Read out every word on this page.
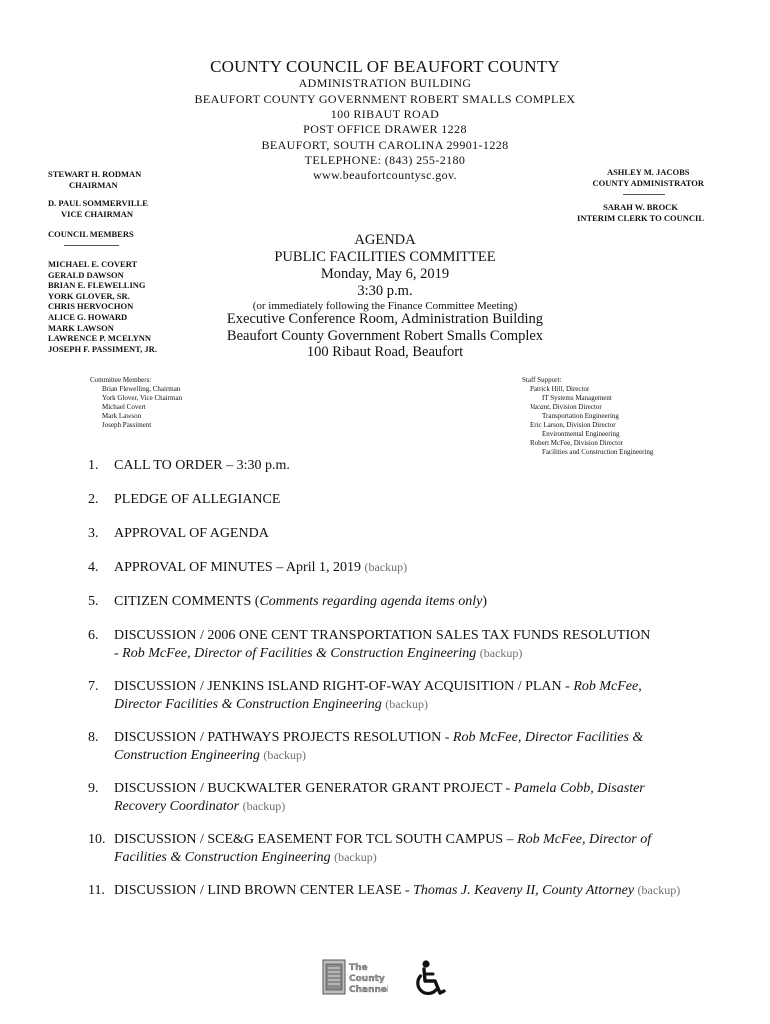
COUNTY COUNCIL OF BEAUFORT COUNTY
ADMINISTRATION BUILDING
BEAUFORT COUNTY GOVERNMENT ROBERT SMALLS COMPLEX
100 RIBAUT ROAD
POST OFFICE DRAWER 1228
BEAUFORT, SOUTH CAROLINA 29901-1228
TELEPHONE: (843) 255-2180
www.beaufortcountysc.gov.
STEWART H. RODMAN
CHAIRMAN
D. PAUL SOMMERVILLE
VICE CHAIRMAN
COUNCIL MEMBERS
MICHAEL E. COVERT
GERALD DAWSON
BRIAN E. FLEWELLING
YORK GLOVER, SR.
CHRIS HERVOCHON
ALICE G. HOWARD
MARK LAWSON
LAWRENCE P. MCELYNN
JOSEPH F. PASSIMENT, JR.
ASHLEY M. JACOBS
COUNTY ADMINISTRATOR
SARAH W. BROCK
INTERIM CLERK TO COUNCIL
AGENDA
PUBLIC FACILITIES COMMITTEE
Monday, May 6, 2019
3:30 p.m.
(or immediately following the Finance Committee Meeting)
Executive Conference Room, Administration Building
Beaufort County Government Robert Smalls Complex
100 Ribaut Road, Beaufort
Committee Members:
Brian Flewelling, Chairman
York Glover, Vice Chairman
Michael Covert
Mark Lawson
Joseph Passiment
Staff Support:
Patrick Hill, Director
IT Systems Management
Vacant, Division Director
Transportation Engineering
Eric Larson, Division Director
Environmental Engineering
Robert McFee, Division Director
Facilities and Construction Engineering
1.	CALL TO ORDER – 3:30 p.m.
2.	PLEDGE OF ALLEGIANCE
3.	APPROVAL OF AGENDA
4.	APPROVAL OF MINUTES – April 1, 2019 (backup)
5.	CITIZEN COMMENTS (Comments regarding agenda items only)
6.	DISCUSSION / 2006 ONE CENT TRANSPORTATION SALES TAX FUNDS RESOLUTION
- Rob McFee, Director of Facilities & Construction Engineering (backup)
7.	DISCUSSION / JENKINS ISLAND RIGHT-OF-WAY ACQUISITION / PLAN - Rob McFee,
Director Facilities & Construction Engineering (backup)
8.	DISCUSSION / PATHWAYS PROJECTS RESOLUTION - Rob McFee, Director Facilities &
Construction Engineering (backup)
9.	DISCUSSION / BUCKWALTER GENERATOR GRANT PROJECT - Pamela Cobb, Disaster
Recovery Coordinator (backup)
10. DISCUSSION / SCE&G EASEMENT FOR TCL SOUTH CAMPUS – Rob McFee, Director of
Facilities & Construction Engineering (backup)
11. DISCUSSION / LIND BROWN CENTER LEASE - Thomas J. Keaveny II, County Attorney (backup)
The
County
Channel
